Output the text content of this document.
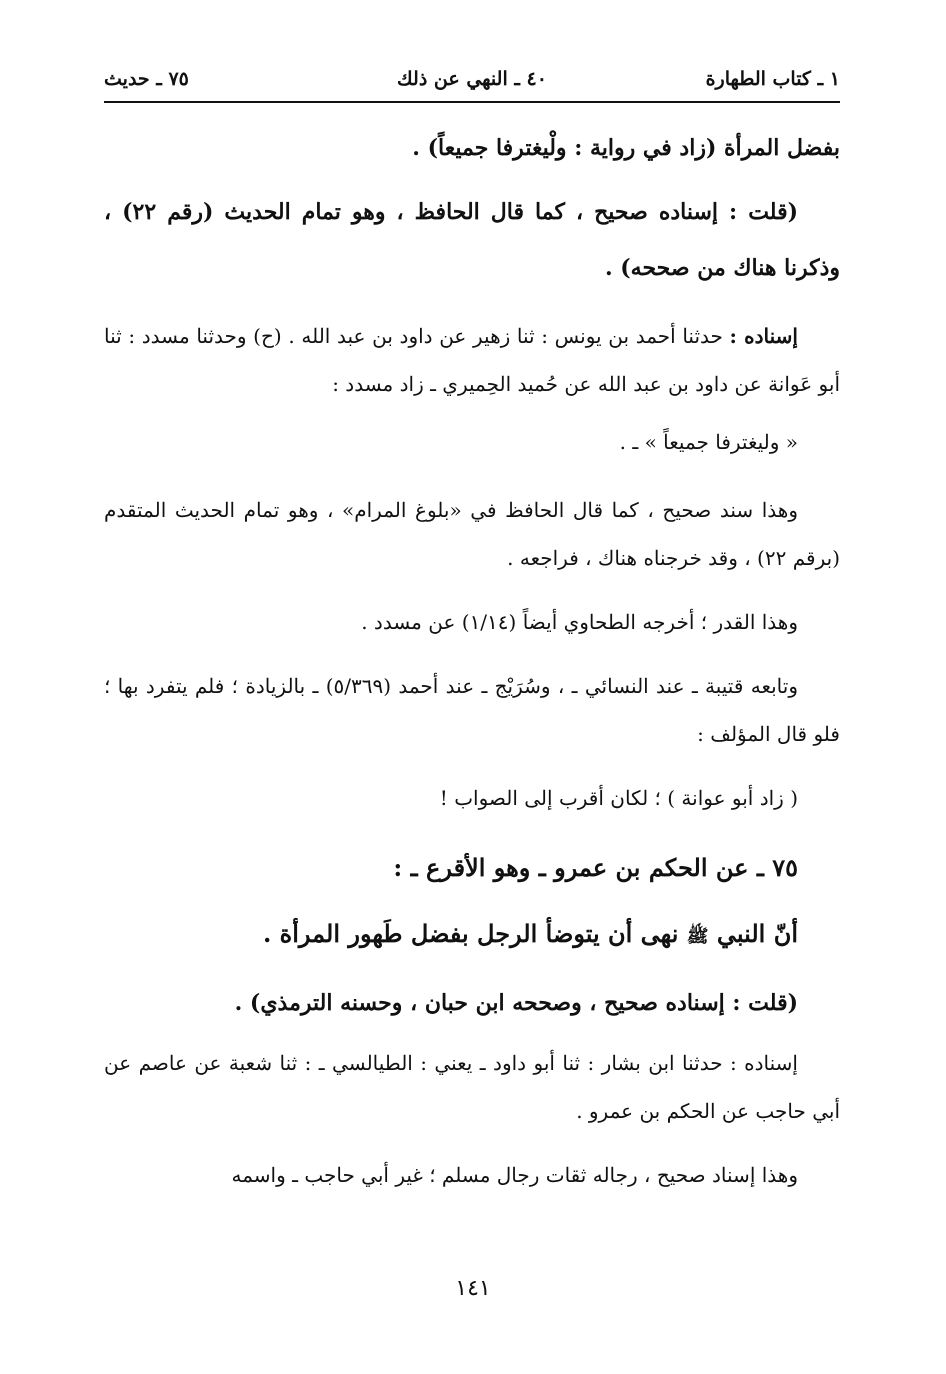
١ ـ كتاب الطهارة
٤٠ ـ النهي عن ذلك
٧٥ ـ حديث

بفضل المرأة (زاد في رواية : ولْيغترفا جميعاً) .

(قلت : إسناده صحيح ، كما قال الحافظ ، وهو تمام الحديث (رقم ٢٢) ، وذكرنا هناك من صححه) .

إسناده : حدثنا أحمد بن يونس : ثنا زهير عن داود بن عبد الله . (ح) وحدثنا مسدد : ثنا أبو عَوانة عن داود بن عبد الله عن حُميد الحِميري ـ زاد مسدد :

« وليغترفا جميعاً » ـ .

وهذا سند صحيح ، كما قال الحافظ في «بلوغ المرام» ، وهو تمام الحديث المتقدم (برقم ٢٢) ، وقد خرجناه هناك ، فراجعه .

وهذا القدر ؛ أخرجه الطحاوي أيضاً (١/١٤) عن مسدد .

وتابعه قتيبة ـ عند النسائي ـ ، وسُرَيْج ـ عند أحمد (٥/٣٦٩) ـ بالزيادة ؛ فلم يتفرد بها ؛ فلو قال المؤلف :

( زاد أبو عوانة ) ؛ لكان أقرب إلى الصواب !

٧٥ ـ عن الحكم بن عمرو ـ وهو الأقرع ـ :

أنّ النبي ﷺ نهى أن يتوضأ الرجل بفضل طَهور المرأة .

(قلت : إسناده صحيح ، وصححه ابن حبان ، وحسنه الترمذي) .

إسناده : حدثنا ابن بشار : ثنا أبو داود ـ يعني : الطيالسي ـ : ثنا شعبة عن عاصم عن أبي حاجب عن الحكم بن عمرو .

وهذا إسناد صحيح ، رجاله ثقات رجال مسلم ؛ غير أبي حاجب ـ واسمه

١٤١
